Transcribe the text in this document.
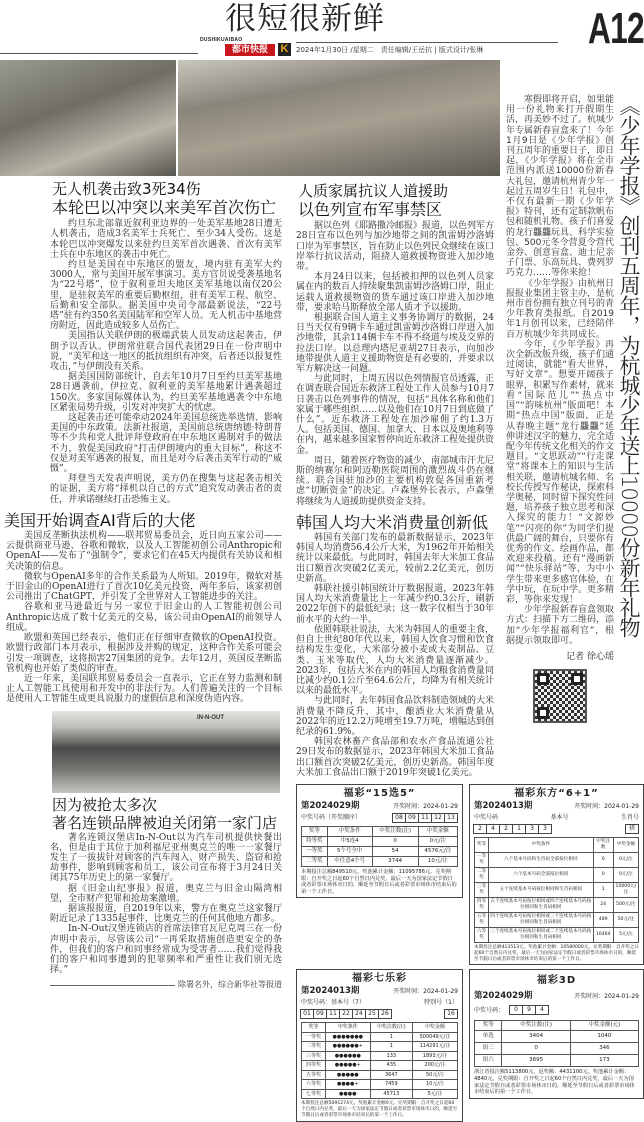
很短很新鲜
DUSHIKUAIBAO
都市快报	K	2024年1月30日 /星期二　责任编辑/王岳抗 | 版式设计/张琳 A12
无人机袭击致3死34伤
本轮巴以冲突以来美军首次伤亡

约旦东北部靠近叙利亚边界的一处美军基地28日遭无人机袭击，造成3名美军士兵死亡、至少34人受伤。这是本轮巴以冲突爆发以来驻约旦美军首次遇袭、首次有美军士兵在中东地区的袭击中死亡。

约旦是美国在中东地区的盟友，境内驻有美军大约3000人，常与美国开展军事演习。美方官员说受袭基地名为“22号塔”，位于叙利亚坦夫地区美军基地以南仅20公里，是驻叙美军的重要后勤枢纽，驻有美军工程、航空、后勤和安全部队。据美国中央司令部最新说法，“22号塔”驻有约350名美国陆军和空军人员。无人机击中基地营房附近，因此造成较多人员伤亡。

美国指认关联伊朗的极端武装人员发动这起袭击，伊朗予以否认。伊朗常驻联合国代表团29日在一份声明中说，“美军和这一地区的抵抗组织有冲突，后者还以报复性攻击，”与伊朗没有关系。

据美国国防部统计，自去年10月7日至约旦美军基地28日遇袭前，伊拉克、叙利亚的美军基地累计遇袭超过150次。多家国际媒体认为，约旦美军基地遇袭令中东地区紧张局势升级，引发对冲突扩大的忧虑。

这起袭击还可能牵动2024年美国总统选举选情、影响美国的中东政策。法新社报道，美国前总统唐纳德·特朗普等不少共和党人批评拜登政府在中东地区遏制对手的做法不力，敦促美国政府“打击伊朗境内的重大目标”，称这不仅是对美军遇袭的报复，而且是对今后袭击美军行动的“威慑”。

拜登当天发表声明说，美方仍在搜集与这起袭击相关的证据，美方将“择机以自己的方式”追究发动袭击者的责任，并承诺继续打击恐怖主义。

美国开始调查AI背后的大佬

美国反垄断执法机构——联邦贸易委员会，近日向五家公司——云提供商亚马逊、谷歌和微软，以及人工智能初创公司Anthropic和OpenAI——发布了“强制令”，要求它们在45天内提供有关协议和相关决策的信息。

微软与OpenAI多年的合作关系最为人所知。2019年，微软对基于旧金山的OpenAI进行了首次10亿美元投资，两年多后，该家初创公司推出了ChatGPT，并引发了全世界对人工智能进步的关注。

谷歌和亚马逊最近与另一家位于旧金山的人工智能初创公司Anthropic达成了数十亿美元的交易，该公司由OpenAI的前领导人组成。

欧盟和英国已经表示，他们正在仔细审查微软的OpenAI投资。欧盟行政部门本月表示，根据涉及并购的规定，这种合作关系可能会引发一项调查，这将损害27国集团的竞争。去年12月，英国反垄断监管机构也开始了类似的审查。

近一年来，美国联邦贸易委员会一直表示，它正在努力监测和制止人工智能工具使用和开发中的非法行为。人们普遍关注的一个目标是使用人工智能生成更具说服力的虚假信息和深度伪造内容。

IN-N-OUT
因为被抢太多次
著名连锁品牌被迫关闭第一家门店

著名连锁汉堡店In-N-Out以为汽车司机提供快餐出名，但是由于其位于加利福尼亚州奥克兰的唯一一家餐厅发生了一拔拔针对顾客的汽车闯入、财产损失、盗窃和抢劫事件，影响到顾客和员工，该公司宣布将于3月24日关闭其75年历史上的第一家餐厅。

据《旧金山纪事报》报道，奥克兰与旧金山隔湾相望，全市财产犯罪和抢劫案激增。

据该报报道，自2019年以来，警方在奥克兰这家餐厅附近记录了1335起事件，比奥克兰的任何其他地方都多。

In-N-Out汉堡连锁店的首席法律官瓦尼克周三在一份声明中表示，尽管该公司“一再采取措施创造更安全的条件，但我们的客户和同事经常成为受害者……我们觉得我们的客户和同事遭到的犯罪频率和严重性让我们别无选择。”

除署名外，综合新华社等报道
人质家属抗议人道援助
以色列宣布军事禁区

据以色列《耶路撒冷邮报》报道，以色列军方28日宣布以色列与加沙地带之间的凯雷姆沙洛姆口岸为军事禁区，旨在防止以色列民众继续在该口岸举行抗议活动，阻挠人道救援物资进入加沙地带。

本月24日以来，包括被扣押的以色列人员家属在内的数百人持续聚集凯雷姆沙洛姆口岸，阻止运载人道救援物资的货车通过该口岸进入加沙地带，要求哈马斯释放全部人质才予以援助。

根据联合国人道主义事务协调厅的数据，24日当天仅有9辆卡车通过凯雷姆沙洛姆口岸进入加沙地带，其余114辆卡车不得不绕道与埃及交界的拉法口岸。以总理内塔尼亚胡27日表示，向加沙地带提供人道主义援助物资是有必要的，并要求以军方解决这一问题。

与此同时，上周五因以色列情报官员透露，正在调查联合国近东救济工程处工作人员参与10月7日袭击以色列事件的情况，包括“具体名称和他们家属于哪些组织……以及他们在10月7日到底做了什么”。近东救济工程处在加沙雇佣了约1.3万人。包括美国、德国、加拿大、日本以及奥地利等在内，越来越多国家暂停向近东救济工程处提供资金。

周日，随着医疗物资的减少，南部城市汗尤尼斯的纳赛尔和阿迈勒医院周围的激烈战斗仍在继续。联合国驻加沙的主要机构敦促各国重新考虑“切断资金”的决定。卢森堡外长表示，卢森堡将继续为人道援助提供资金支持。

韩国人均大米消费量创新低

韩国有关部门发布的最新数据显示，2023年韩国人均消费56.4公斤大米，为1962年开始相关统计以来最低。与此同时，韩国去年大米加工食品出口额首次突破2亿美元，较前2.2亿美元，创历史新高。

韩联社援引韩国统计厅数据报道，2023年韩国人均大米消费量比上一年减少约0.3公斤，刷新2022年创下的最低纪录；这一数字仅相当于30年前水平的大约一半。

依照韩联社说法，大米为韩国人的重要主食，但自上世纪80年代以来，韩国人饮食习惯和饮食结构发生变化，大米部分被小麦或大麦制品、豆类、玉米等取代，人均大米消费量逐渐减少。2023年，包括大米在内的韩国人均粮食消费量同比减少约0.1公斤至64.6公斤，均降为有相关统计以来的最低水平。

与此同时，去年韩国食品饮料制造领域的大米消费量不降反升，其中，酿酒业大米消费量从2022年的近12.2万吨增至19.7万吨，增幅达到创纪录的61.9%。

韩国农林畜产食品部和农水产食品流通公社29日发布的数据显示，2023年韩国大米加工食品出口额首次突破2亿美元，创历史新高。韩国年度大米加工食品出口额于2019年突破1亿美元。

寒假即将开启，如果能用一份礼物来打开假期生活，再美妙不过了。杭城少年专属新春盲盒来了！今年1月9日是《少年学报》创刊五周年的重要日子，即日起，《少年学报》将在全市范围内派送10000份新春大礼包，邀请杭州青少年一起过五周岁生日！礼包中，不仅有最新一期《少年学报》特刊，还有定制款帆布包和随机礼物。孩子们喜爱的龙行龘龘玩具、科学实验包、500元冬令营夏令营代金券、创意盲盒、迪士尼亲子门票、乐高玩具、费列罗巧克力……等你来抢！

《少年学报》由杭州日报报业集团主管主办，是杭州市首份拥有独立刊号的青少年教育类报纸。自2019年1月创刊以来，已经陪伴百万杭城少年共同成长。

今年，《少年学报》再次全新改版升级，孩子们通过阅读，就能“看大世界，写好文章”。想要开阔孩子眼界，积累写作素材，就来看“国际范儿”“热点中国”“韵味杭州”版面吧！本期“热点中国”版面，正是从春晚主题“龙行龘龘”延伸讲述汉字的魅力，完全适配今年传统文化相关的作文题目。“文思跃动”“行走课堂”将课本上的知识与生活相关联，邀请杭城名师、名校长传授写作秘诀，探索科学奥秘，同时留下探究性问题，培养孩子独立思考和深入探究的能力！“文源妙笔”“闪亮的你”为同学们提供最广阔的舞台，只要你有优秀的作文、绘画作品，都欢迎来投稿。还有“漫画新闻”“快乐驿站”等，为中小学生带来更多感官体验，在学中玩，在玩中学。更多精彩，等你来发现！

少年学报新春盲盒领取方式：扫描下方二维码，添加“少年学报福利官”，根据提示领取即可。

记者 徐心瑶
《少年学报》创刊五周年，为杭城少年送上10000份新年礼物
福彩“15选5”
第2024029期	开奖时间：2024-01-29
中奖号码（开奖顺序）	08 09 11 12 13
奖等	中奖条件	中奖注数(注)	中奖金额
特等奖	中5连4	0	0元/注
一等奖	5个号全中	54	4576元/注
二等奖	中任意4个号	3744	10元/注
本期投注总额849510元。奖池累计金额：11095786元。兑奖期限：自开奖之日起60个自然日内兑奖，最后一天为国家法定节假日或者彩票市场休市日的，顺延至节假日后或者彩票市场休市结束后的第一个工作日。
福彩东方“6+1”
第2024013期	开奖时间：2024-01-29
中奖号码	基本号	生肖号
2	4	2	1	3	3	猪
奖等	中奖条件	中奖注数	中奖金额
一等奖	六个基本号码和生肖码全部按位相同	0	0元/注
二等奖	六个基本号码全部按位相同	0	0元/注
三等奖	五个连续基本号码按位相同和生肖码相同	1	10000元/注
四等奖	五个连续基本号码按位相同或四个连续基本号码按位相同和生肖码相同	24	500元/注
五等奖	四个连续基本号码按位相同或三个连续基本号码按位相同和生肖码相同	489	50元/注
六等奖	三个连续基本号码按位相同或二个连续基本号码按位相同和生肖码相同	10464	5元/注
本期投注总额413513元。奖池累计金额：10580000元。兑奖期限：自开奖之日起60个自然日内兑奖，最后一天为国家法定节假日或者彩票市场休市日的，顺延至节假日后或者彩票市场休市结束后的第一个工作日。
福彩七乐彩
第2024013期	开奖时间：2024-01-29
中奖号码：基本号（7）	特别号（1）
01 09 11 22 24 25 26	16
奖等	中奖条件	中奖注数(注)	中奖金额
一等奖	●●●●●●●	1	500049元/注
二等奖	●●●●●●+	1	114291元/注
三等奖	●●●●●●	133	1893元/注
四等奖	●●●●●+	435	200元/注
五等奖	●●●●●	3647	50元/注
六等奖	●●●●+	7459	10元/注
七等奖	●●●●	45713	5元/注
本期投注总额5091274元。奖池累计金额0元。兑奖期限：自开奖之日起60个自然日内兑奖，最后一天为国家法定节假日或者彩票市场休市日的，顺延至节假日后或者彩票市场休市结束后的第一个工作日。
福彩3D
第2024029期	开奖时间：2024-01-29
中奖号码：	0	9	4
奖等	中奖注数(注)	中奖金额(元)
单选	3404	1040
组三	0	346
组六	3695	173
浙江省投注额5113800元，返奖额：4431100元。奖池累计金额：4840元。兑奖期限：自开奖之日起60个自然日内兑奖，最后一天为国家法定节假日或者彩票市场休市日的，顺延至节假日后或者彩票市场休市结束后的第一个工作日。
